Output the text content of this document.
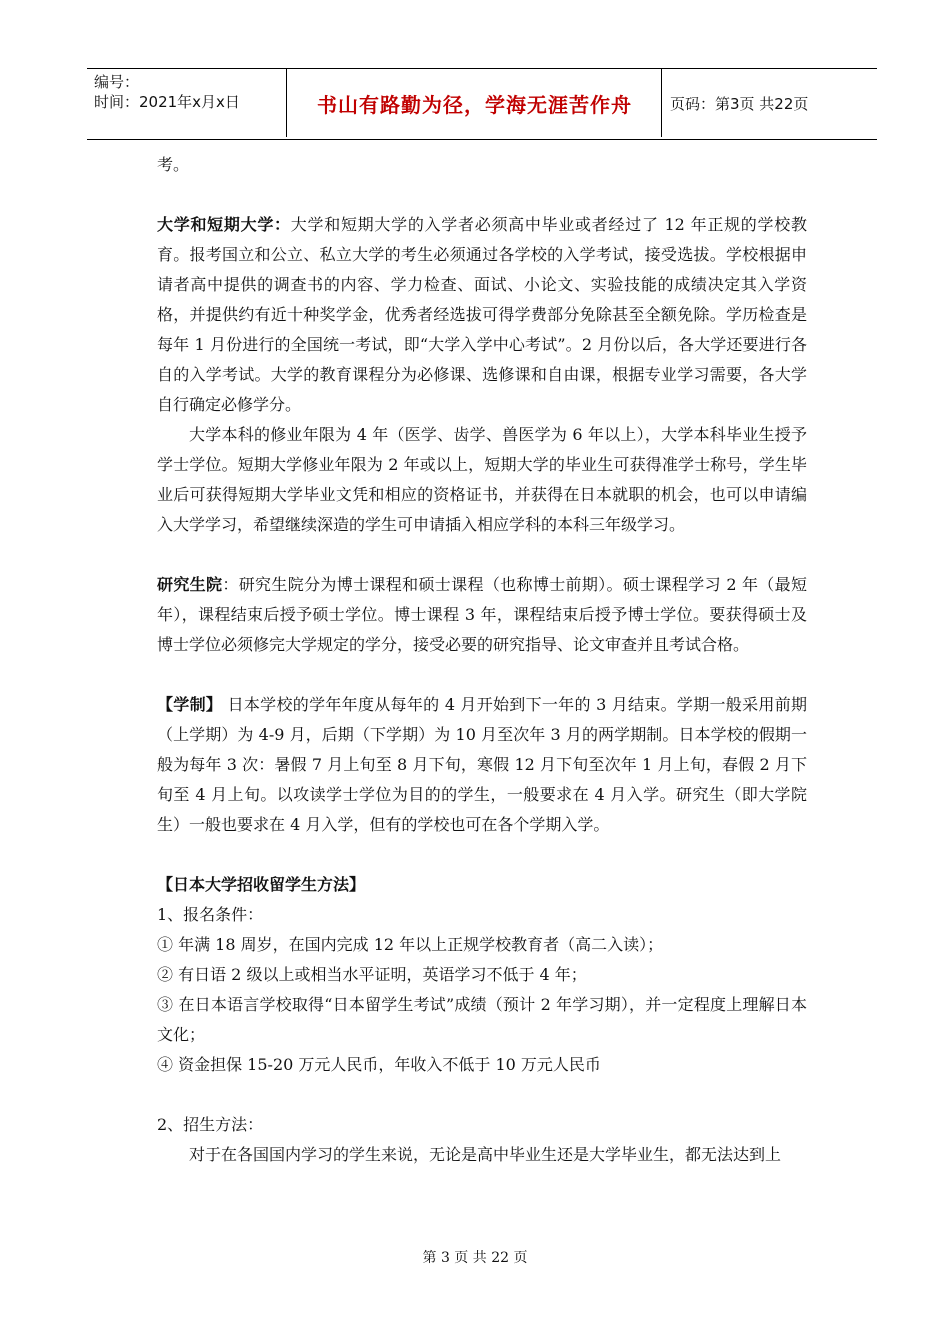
编号：
时间：2021年x月x日	书山有路勤为径，学海无涯苦作舟	页码：第3页 共22页

考。

大学和短期大学：大学和短期大学的入学者必须高中毕业或者经过了 12 年正规的学校教育。报考国立和公立、私立大学的考生必须通过各学校的入学考试，接受选拔。学校根据申请者高中提供的调查书的内容、学力检查、面试、小论文、实验技能的成绩决定其入学资格，并提供约有近十种奖学金，优秀者经选拔可得学费部分免除甚至全额免除。学历检查是每年 1 月份进行的全国统一考试，即“大学入学中心考试”。2 月份以后，各大学还要进行各自的入学考试。大学的教育课程分为必修课、选修课和自由课，根据专业学习需要，各大学自行确定必修学分。

大学本科的修业年限为 4 年（医学、齿学、兽医学为 6 年以上），大学本科毕业生授予学士学位。短期大学修业年限为 2 年或以上，短期大学的毕业生可获得准学士称号，学生毕业后可获得短期大学毕业文凭和相应的资格证书，并获得在日本就职的机会，也可以申请编入大学学习，希望继续深造的学生可申请插入相应学科的本科三年级学习。

研究生院：研究生院分为博士课程和硕士课程（也称博士前期）。硕士课程学习 2 年（最短年），课程结束后授予硕士学位。博士课程 3 年，课程结束后授予博士学位。要获得硕士及博士学位必须修完大学规定的学分，接受必要的研究指导、论文审查并且考试合格。

【学制】 日本学校的学年年度从每年的 4 月开始到下一年的 3 月结束。学期一般采用前期（上学期）为 4-9 月，后期（下学期）为 10 月至次年 3 月的两学期制。日本学校的假期一般为每年 3 次：暑假 7 月上旬至 8 月下旬，寒假 12 月下旬至次年 1 月上旬，春假 2 月下旬至 4 月上旬。以攻读学士学位为目的的学生，一般要求在 4 月入学。研究生（即大学院生）一般也要求在 4 月入学，但有的学校也可在各个学期入学。

【日本大学招收留学生方法】

1、报名条件：

① 年满 18 周岁，在国内完成 12 年以上正规学校教育者（高二入读）；

② 有日语 2 级以上或相当水平证明，英语学习不低于 4 年；

③ 在日本语言学校取得“日本留学生考试”成绩（预计 2 年学习期），并一定程度上理解日本文化；

④ 资金担保 15-20 万元人民币，年收入不低于 10 万元人民币

2、招生方法：

对于在各国国内学习的学生来说，无论是高中毕业生还是大学毕业生，都无法达到上

第 3 页 共 22 页
